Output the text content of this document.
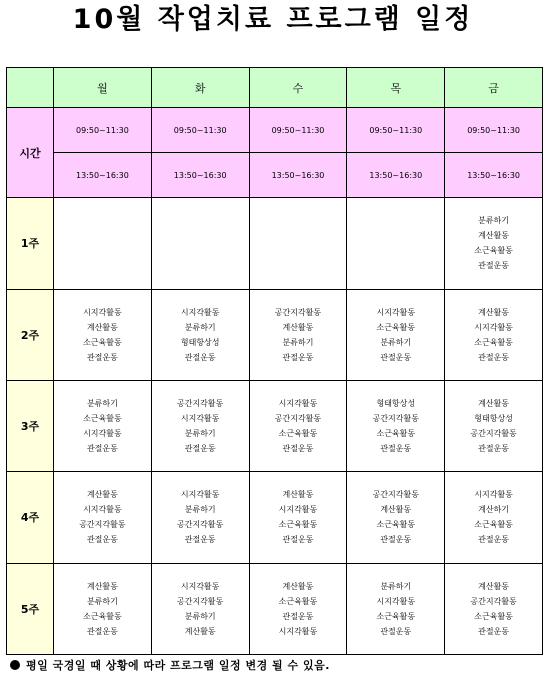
10월 작업치료 프로그램 일정
	월	화	수	목	금
시간	09:50~11:30	09:50~11:30	09:50~11:30	09:50~11:30	09:50~11:30
	13:50~16:30	13:50~16:30	13:50~16:30	13:50~16:30	13:50~16:30
1주					분류하기
계산활동
소근육활동
관절운동

2주	시지각활동
계산활동
소근육활동
관절운동	시지각활동
분류하기
형태항상성
관절운동	공간지각활동
계산활동
분류하기
관절운동	시지각활동
소근육활동
분류하기
관절운동	계산활동
시지각활동
소근육활동
관절운동

3주	분류하기
소근육활동
시지각활동
관절운동	공간지각활동
시지각활동
분류하기
관절운동	시지각활동
공간지각활동
소근육활동
관절운동	형태항상성
공간지각활동
소근육활동
관절운동	계산활동
형태항상성
공간지각활동
관절운동

4주	계산활동
시지각활동
공간지각활동
관절운동	시지각활동
분류하기
공간지각활동
관절운동	계산활동
시지각활동
소근육활동
관절운동	공간지각활동
계산활동
소근육활동
관절운동	시지각활동
계산하기
소근육활동
관절운동

5주	계산활동
분류하기
소근육활동
관절운동	시지각활동
공간지각활동
분류하기
계산활동	계산활동
소근육활동
관절운동
시지각활동	분류하기
시지각활동
소근육활동
관절운동	계산활동
공간지각활동
소근육활동
관절운동
평일 국경일 때 상황에 따라 프로그램 일정 변경 될 수 있음.
